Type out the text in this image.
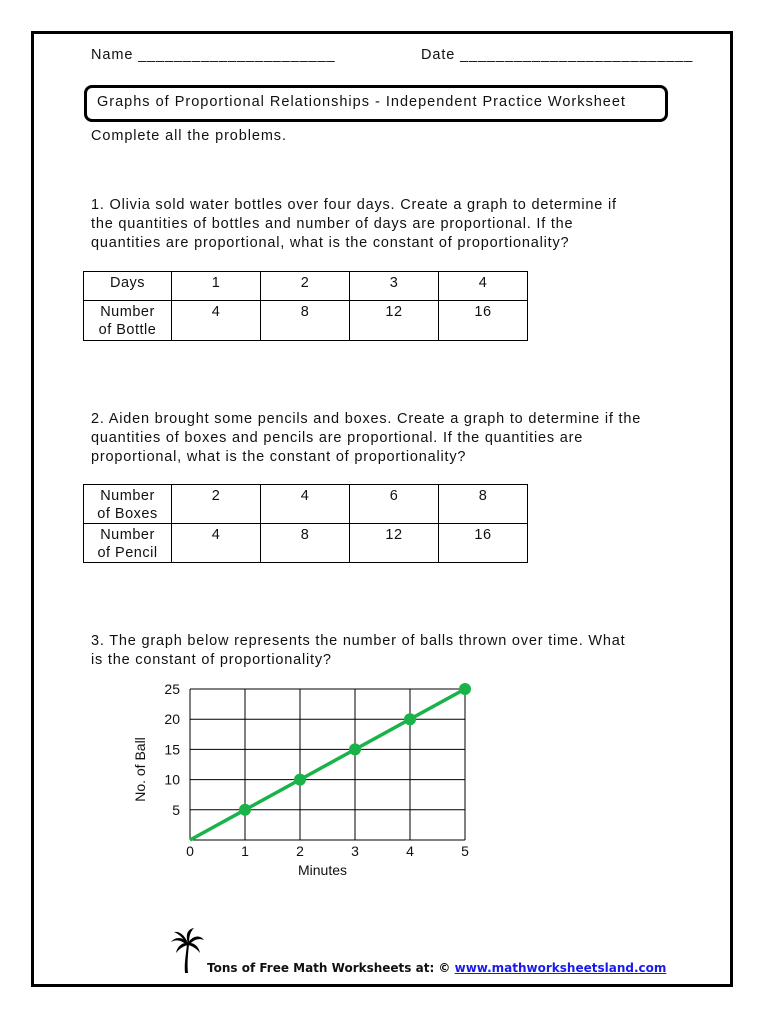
Name ______________________	Date __________________________
Graphs of Proportional Relationships - Independent Practice Worksheet
Complete all the problems.
1. Olivia sold water bottles over four days. Create a graph to determine if
the quantities of bottles and number of days are proportional. If the
quantities are proportional, what is the constant of proportionality?
Days	1	2	3	4
Number
of Bottle	4	8	12	16
2. Aiden brought some pencils and boxes. Create a graph to determine if the
quantities of boxes and pencils are proportional. If the quantities are
proportional, what is the constant of proportionality?
Number
of Boxes	2	4	6	8
Number
of Pencil	4	8	12	16
3. The graph below represents the number of balls thrown over time. What
is the constant of proportionality?
0	1	2	3	4	5
5
10
15
20
25
Minutes
No. of Ball
Tons of Free Math Worksheets at: © www.mathworksheetsland.com
